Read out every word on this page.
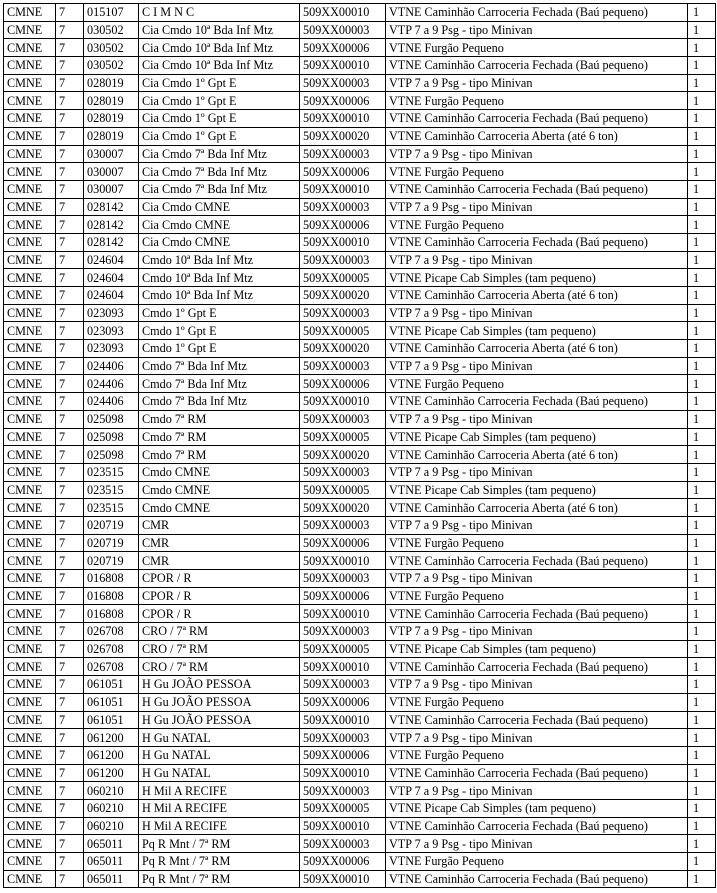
CMNE	7	015107	C I M N C	509XX00010	VTNE Caminhão Carroceria Fechada (Baú pequeno)	1
CMNE	7	030502	Cia Cmdo 10ª Bda Inf Mtz	509XX00003	VTP 7 a 9 Psg - tipo Minivan	1
CMNE	7	030502	Cia Cmdo 10ª Bda Inf Mtz	509XX00006	VTNE Furgão Pequeno	1
CMNE	7	030502	Cia Cmdo 10ª Bda Inf Mtz	509XX00010	VTNE Caminhão Carroceria Fechada (Baú pequeno)	1
CMNE	7	028019	Cia Cmdo 1º Gpt E	509XX00003	VTP 7 a 9 Psg - tipo Minivan	1
CMNE	7	028019	Cia Cmdo 1º Gpt E	509XX00006	VTNE Furgão Pequeno	1
CMNE	7	028019	Cia Cmdo 1º Gpt E	509XX00010	VTNE Caminhão Carroceria Fechada (Baú pequeno)	1
CMNE	7	028019	Cia Cmdo 1º Gpt E	509XX00020	VTNE Caminhão Carroceria Aberta (até 6 ton)	1
CMNE	7	030007	Cia Cmdo 7ª Bda Inf Mtz	509XX00003	VTP 7 a 9 Psg - tipo Minivan	1
CMNE	7	030007	Cia Cmdo 7ª Bda Inf Mtz	509XX00006	VTNE Furgão Pequeno	1
CMNE	7	030007	Cia Cmdo 7ª Bda Inf Mtz	509XX00010	VTNE Caminhão Carroceria Fechada (Baú pequeno)	1
CMNE	7	028142	Cia Cmdo CMNE	509XX00003	VTP 7 a 9 Psg - tipo Minivan	1
CMNE	7	028142	Cia Cmdo CMNE	509XX00006	VTNE Furgão Pequeno	1
CMNE	7	028142	Cia Cmdo CMNE	509XX00010	VTNE Caminhão Carroceria Fechada (Baú pequeno)	1
CMNE	7	024604	Cmdo 10ª Bda Inf Mtz	509XX00003	VTP 7 a 9 Psg - tipo Minivan	1
CMNE	7	024604	Cmdo 10ª Bda Inf Mtz	509XX00005	VTNE Picape Cab Simples (tam pequeno)	1
CMNE	7	024604	Cmdo 10ª Bda Inf Mtz	509XX00020	VTNE Caminhão Carroceria Aberta (até 6 ton)	1
CMNE	7	023093	Cmdo 1º Gpt E	509XX00003	VTP 7 a 9 Psg - tipo Minivan	1
CMNE	7	023093	Cmdo 1º Gpt E	509XX00005	VTNE Picape Cab Simples (tam pequeno)	1
CMNE	7	023093	Cmdo 1º Gpt E	509XX00020	VTNE Caminhão Carroceria Aberta (até 6 ton)	1
CMNE	7	024406	Cmdo 7ª Bda Inf Mtz	509XX00003	VTP 7 a 9 Psg - tipo Minivan	1
CMNE	7	024406	Cmdo 7ª Bda Inf Mtz	509XX00006	VTNE Furgão Pequeno	1
CMNE	7	024406	Cmdo 7ª Bda Inf Mtz	509XX00010	VTNE Caminhão Carroceria Fechada (Baú pequeno)	1
CMNE	7	025098	Cmdo 7ª RM	509XX00003	VTP 7 a 9 Psg - tipo Minivan	1
CMNE	7	025098	Cmdo 7ª RM	509XX00005	VTNE Picape Cab Simples (tam pequeno)	1
CMNE	7	025098	Cmdo 7ª RM	509XX00020	VTNE Caminhão Carroceria Aberta (até 6 ton)	1
CMNE	7	023515	Cmdo CMNE	509XX00003	VTP 7 a 9 Psg - tipo Minivan	1
CMNE	7	023515	Cmdo CMNE	509XX00005	VTNE Picape Cab Simples (tam pequeno)	1
CMNE	7	023515	Cmdo CMNE	509XX00020	VTNE Caminhão Carroceria Aberta (até 6 ton)	1
CMNE	7	020719	CMR	509XX00003	VTP 7 a 9 Psg - tipo Minivan	1
CMNE	7	020719	CMR	509XX00006	VTNE Furgão Pequeno	1
CMNE	7	020719	CMR	509XX00010	VTNE Caminhão Carroceria Fechada (Baú pequeno)	1
CMNE	7	016808	CPOR / R	509XX00003	VTP 7 a 9 Psg - tipo Minivan	1
CMNE	7	016808	CPOR / R	509XX00006	VTNE Furgão Pequeno	1
CMNE	7	016808	CPOR / R	509XX00010	VTNE Caminhão Carroceria Fechada (Baú pequeno)	1
CMNE	7	026708	CRO / 7ª RM	509XX00003	VTP 7 a 9 Psg - tipo Minivan	1
CMNE	7	026708	CRO / 7ª RM	509XX00005	VTNE Picape Cab Simples (tam pequeno)	1
CMNE	7	026708	CRO / 7ª RM	509XX00010	VTNE Caminhão Carroceria Fechada (Baú pequeno)	1
CMNE	7	061051	H Gu JOÃO PESSOA	509XX00003	VTP 7 a 9 Psg - tipo Minivan	1
CMNE	7	061051	H Gu JOÃO PESSOA	509XX00006	VTNE Furgão Pequeno	1
CMNE	7	061051	H Gu JOÃO PESSOA	509XX00010	VTNE Caminhão Carroceria Fechada (Baú pequeno)	1
CMNE	7	061200	H Gu NATAL	509XX00003	VTP 7 a 9 Psg - tipo Minivan	1
CMNE	7	061200	H Gu NATAL	509XX00006	VTNE Furgão Pequeno	1
CMNE	7	061200	H Gu NATAL	509XX00010	VTNE Caminhão Carroceria Fechada (Baú pequeno)	1
CMNE	7	060210	H Mil A RECIFE	509XX00003	VTP 7 a 9 Psg - tipo Minivan	1
CMNE	7	060210	H Mil A RECIFE	509XX00005	VTNE Picape Cab Simples (tam pequeno)	1
CMNE	7	060210	H Mil A RECIFE	509XX00010	VTNE Caminhão Carroceria Fechada (Baú pequeno)	1
CMNE	7	065011	Pq R Mnt / 7ª RM	509XX00003	VTP 7 a 9 Psg - tipo Minivan	1
CMNE	7	065011	Pq R Mnt / 7ª RM	509XX00006	VTNE Furgão Pequeno	1
CMNE	7	065011	Pq R Mnt / 7ª RM	509XX00010	VTNE Caminhão Carroceria Fechada (Baú pequeno)	1
